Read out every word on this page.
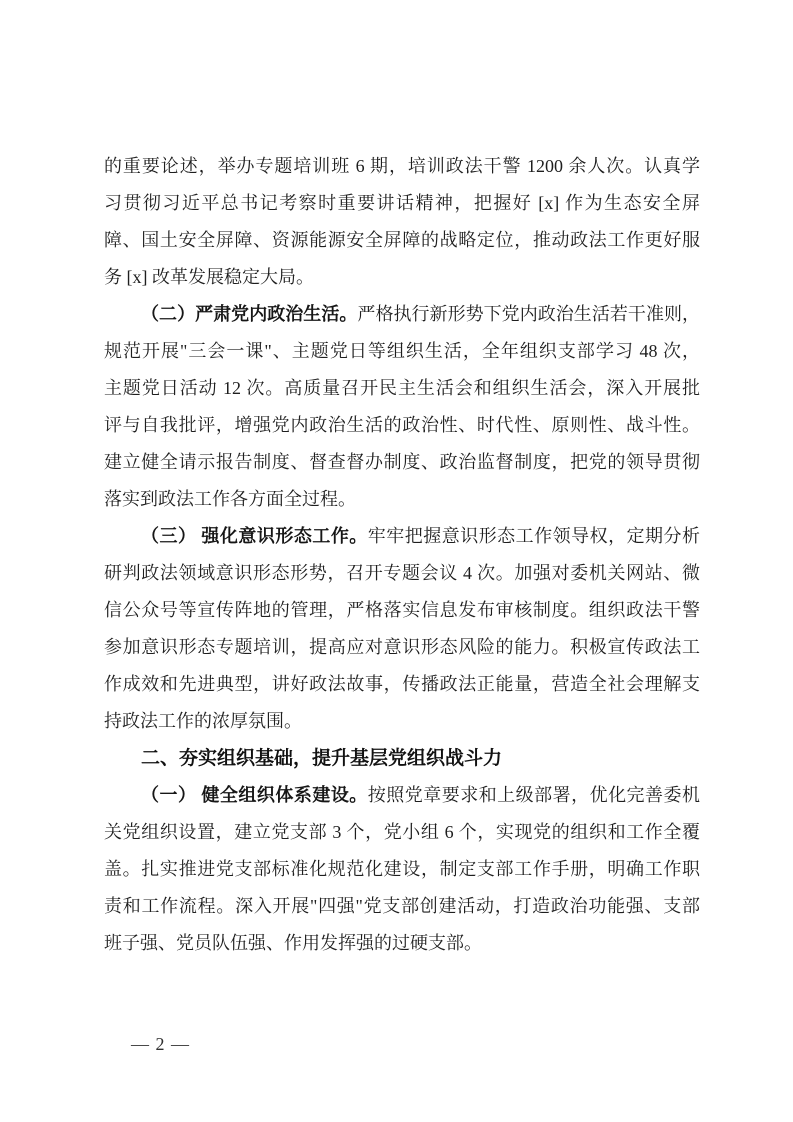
的重要论述，举办专题培训班 6 期，培训政法干警 1200 余人次。认真学
习贯彻习近平总书记考察时重要讲话精神，把握好 [x] 作为生态安全屏
障、国土安全屏障、资源能源安全屏障的战略定位，推动政法工作更好服
务 [x] 改革发展稳定大局。
（二）严肃党内政治生活。严格执行新形势下党内政治生活若干准则，
规范开展"三会一课"、主题党日等组织生活，全年组织支部学习 48 次，
主题党日活动 12 次。高质量召开民主生活会和组织生活会，深入开展批
评与自我批评，增强党内政治生活的政治性、时代性、原则性、战斗性。
建立健全请示报告制度、督查督办制度、政治监督制度，把党的领导贯彻
落实到政法工作各方面全过程。
（三） 强化意识形态工作。牢牢把握意识形态工作领导权，定期分析
研判政法领域意识形态形势，召开专题会议 4 次。加强对委机关网站、微
信公众号等宣传阵地的管理，严格落实信息发布审核制度。组织政法干警
参加意识形态专题培训，提高应对意识形态风险的能力。积极宣传政法工
作成效和先进典型，讲好政法故事，传播政法正能量，营造全社会理解支
持政法工作的浓厚氛围。
二、夯实组织基础，提升基层党组织战斗力
（一） 健全组织体系建设。按照党章要求和上级部署，优化完善委机
关党组织设置，建立党支部 3 个，党小组 6 个，实现党的组织和工作全覆
盖。扎实推进党支部标准化规范化建设，制定支部工作手册，明确工作职
责和工作流程。深入开展"四强"党支部创建活动，打造政治功能强、支部
班子强、党员队伍强、作用发挥强的过硬支部。
— 2 —
